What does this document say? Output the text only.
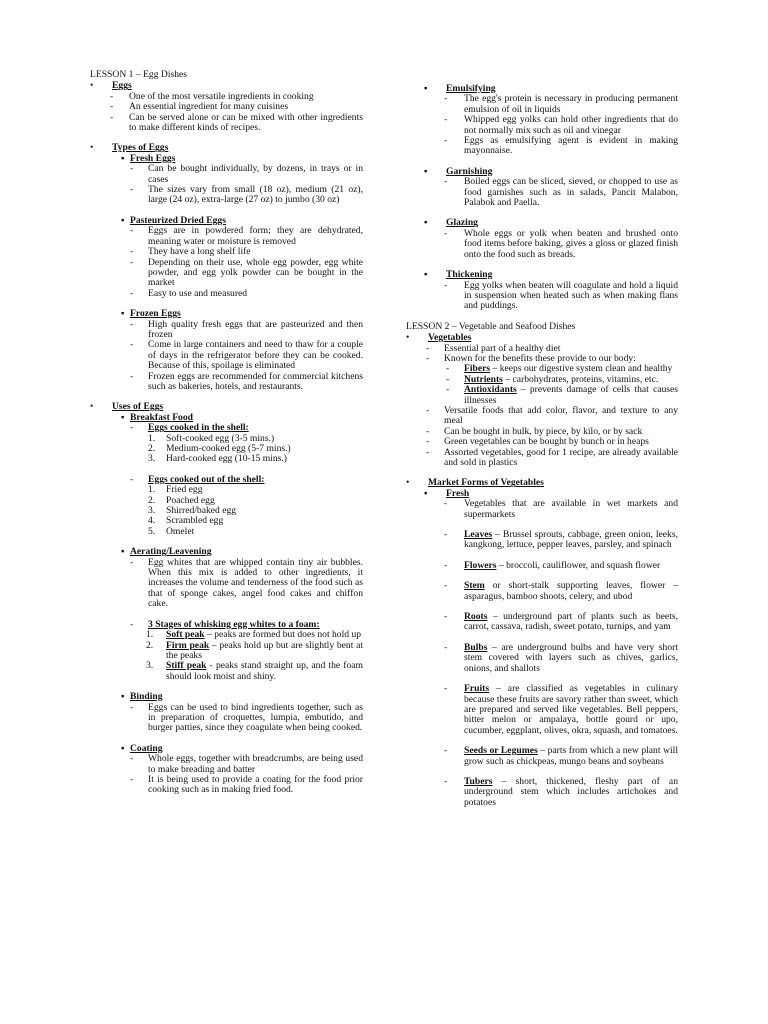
LESSON 1 – Egg Dishes
•	Eggs
- One of the most versatile ingredients in cooking
- An essential ingredient for many cuisines
- Can be served alone or can be mixed with other ingredients to make different kinds of recipes.
•	Types of Eggs
▪ Fresh Eggs
- Can be bought individually, by dozens, in trays or in cases
- The sizes vary from small (18 oz), medium (21 oz), large (24 oz), extra-large (27 oz) to jumbo (30 oz)
▪ Pasteurized Dried Eggs
- Eggs are in powdered form; they are dehydrated, meaning water or moisture is removed
- They have a long shelf life
- Depending on their use, whole egg powder, egg white powder, and egg yolk powder can be bought in the market
- Easy to use and measured
▪ Frozen Eggs
- High quality fresh eggs that are pasteurized and then frozen
- Come in large containers and need to thaw for a couple of days in the refrigerator before they can be cooked. Because of this, spoilage is eliminated
- Frozen eggs are recommended for commercial kitchens such as bakeries, hotels, and restaurants.
•	Uses of Eggs
▪ Breakfast Food
- Eggs cooked in the shell:
1. Soft-cooked egg (3-5 mins.)
2. Medium-cooked egg (5-7 mins.)
3. Hard-cooked egg (10-15 mins.)
- Eggs cooked out of the shell:
1. Fried egg
2. Poached egg
3. Shirred/baked egg
4. Scrambled egg
5. Omelet
▪ Aerating/Leavening
- Egg whites that are whipped contain tiny air bubbles. When this mix is added to other ingredients, it increases the volume and tenderness of the food such as that of sponge cakes, angel food cakes and chiffon cake.
- 3 Stages of whisking egg whites to a foam:
1. Soft peak – peaks are formed but does not hold up
2. Firm peak – peaks hold up but are slightly bent at the peaks
3. Stiff peak - peaks stand straight up, and the foam should look moist and shiny.
▪ Binding
- Eggs can be used to bind ingredients together, such as in preparation of croquettes, lumpia, embutido, and burger patties, since they coagulate when being cooked.
▪ Coating
- Whole eggs, together with breadcrumbs, are being used to make breading and batter
- It is being used to provide a coating for the food prior cooking such as in making fried food.
▪	Emulsifying
- The egg's protein is necessary in producing permanent emulsion of oil in liquids
- Whipped egg yolks can hold other ingredients that do not normally mix such as oil and vinegar
- Eggs as emulsifying agent is evident in making mayonnaise.
▪	Garnishing
- Boiled eggs can be sliced, sieved, or chopped to use as food garnishes such as in salads, Pancit Malabon, Palabok and Paella.
▪	Glazing
- Whole eggs or yolk when beaten and brushed onto food items before baking, gives a gloss or glazed finish onto the food such as breads.
▪	Thickening
- Egg yolks when beaten will coagulate and hold a liquid in suspension when heated such as when making flans and puddings.
LESSON 2 – Vegetable and Seafood Dishes
•	Vegetables
- Essential part of a healthy diet
- Known for the benefits these provide to our body:
- Fibers – keeps our digestive system clean and healthy
- Nutrients – carbohydrates, proteins, vitamins, etc.
- Antioxidants – prevents damage of cells that causes illnesses
- Versatile foods that add color, flavor, and texture to any meal
- Can be bought in bulk, by piece, by kilo, or by sack
- Green vegetables can be bought by bunch or in heaps
- Assorted vegetables, good for 1 recipe, are already available and sold in plastics
•	Market Forms of Vegetables
▪	Fresh
- Vegetables that are available in wet markets and supermarkets
- Leaves – Brussel sprouts, cabbage, green onion, leeks, kangkong, lettuce, pepper leaves, parsley, and spinach
- Flowers – broccoli, cauliflower, and squash flower
- Stem or short-stalk supporting leaves, flower – asparagus, bamboo shoots, celery, and ubod
- Roots – underground part of plants such as beets, carrot, cassava, radish, sweet potato, turnips, and yam
- Bulbs – are underground bulbs and have very short stem covered with layers such as chives, garlics, onions, and shallots
- Fruits – are classified as vegetables in culinary because these fruits are savory rather than sweet, which are prepared and served like vegetables. Bell peppers, bitter melon or ampalaya, bottle gourd or upo, cucumber, eggplant, olives, okra, squash, and tomatoes.
- Seeds or Legumes – parts from which a new plant will grow such as chickpeas, mungo beans and soybeans
- Tubers – short, thickened, fleshy part of an underground stem which includes artichokes and potatoes
